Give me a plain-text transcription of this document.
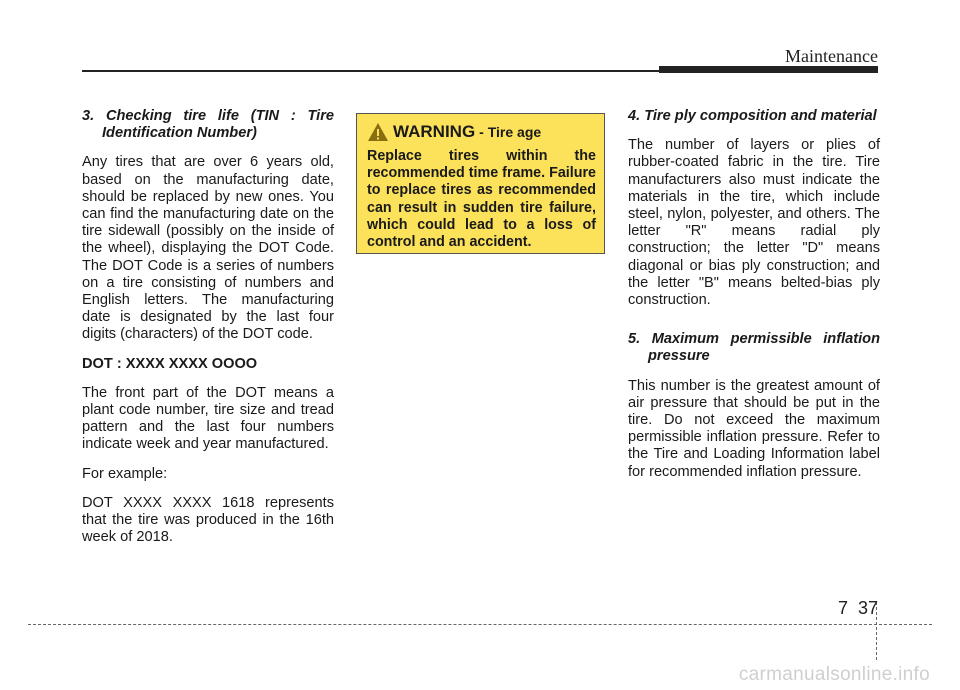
Maintenance

3. Checking tire life (TIN : Tire Identification Number)

Any tires that are over 6 years old, based on the manufacturing date, should be replaced by new ones. You can find the manufacturing date on the tire sidewall (possibly on the inside of the wheel), displaying the DOT Code. The DOT Code is a series of numbers on a tire consisting of numbers and English letters. The manufacturing date is designated by the last four digits (characters) of the DOT code.

DOT : XXXX XXXX OOOO

The front part of the DOT means a plant code number, tire size and tread pattern and the last four numbers indicate week and year manufactured.

For example:

DOT XXXX XXXX 1618 represents that the tire was produced in the 16th week of 2018.

WARNING - Tire age

Replace tires within the recommended time frame. Failure to replace tires as recommended can result in sudden tire failure, which could lead to a loss of control and an accident.

4. Tire ply composition and material

The number of layers or plies of rubber-coated fabric in the tire. Tire manufacturers also must indicate the materials in the tire, which include steel, nylon, polyester, and others. The letter "R" means radial ply construction; the letter "D" means diagonal or bias ply construction; and the letter "B" means belted-bias ply construction.

5. Maximum permissible inflation pressure

This number is the greatest amount of air pressure that should be put in the tire. Do not exceed the maximum permissible inflation pressure. Refer to the Tire and Loading Information label for recommended inflation pressure.

7 37
carmanualsonline.info
